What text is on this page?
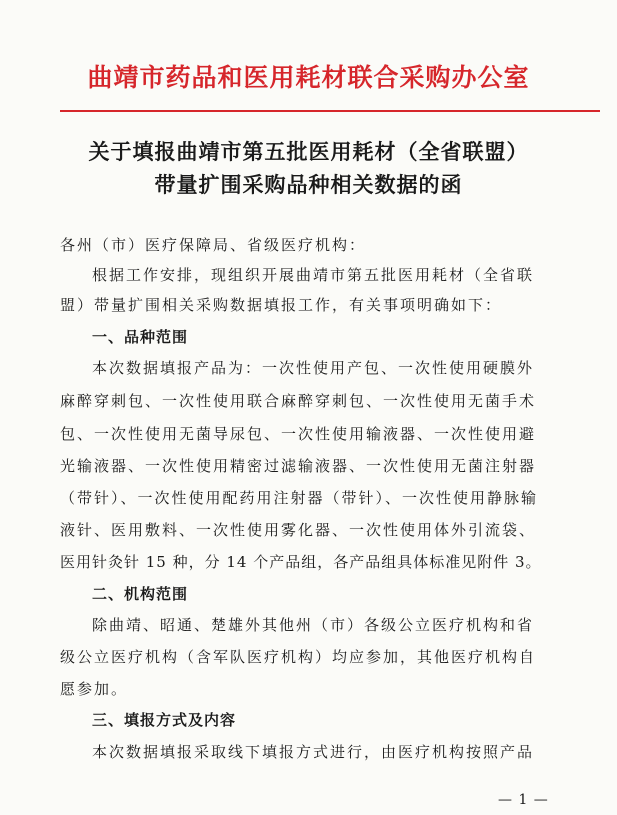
曲靖市药品和医用耗材联合采购办公室
关于填报曲靖市第五批医用耗材（全省联盟）
带量扩围采购品种相关数据的函
各州（市）医疗保障局、省级医疗机构：
根据工作安排，现组织开展曲靖市第五批医用耗材（全省联
盟）带量扩围相关采购数据填报工作，有关事项明确如下：
一、品种范围
本次数据填报产品为：一次性使用产包、一次性使用硬膜外
麻醉穿刺包、一次性使用联合麻醉穿刺包、一次性使用无菌手术
包、一次性使用无菌导尿包、一次性使用输液器、一次性使用避
光输液器、一次性使用精密过滤输液器、一次性使用无菌注射器
（带针）、一次性使用配药用注射器（带针）、一次性使用静脉输
液针、医用敷料、一次性使用雾化器、一次性使用体外引流袋、
医用针灸针 15 种，分 14 个产品组，各产品组具体标准见附件 3。
二、机构范围
除曲靖、昭通、楚雄外其他州（市）各级公立医疗机构和省
级公立医疗机构（含军队医疗机构）均应参加，其他医疗机构自
愿参加。
三、填报方式及内容
本次数据填报采取线下填报方式进行，由医疗机构按照产品
— 1 —
